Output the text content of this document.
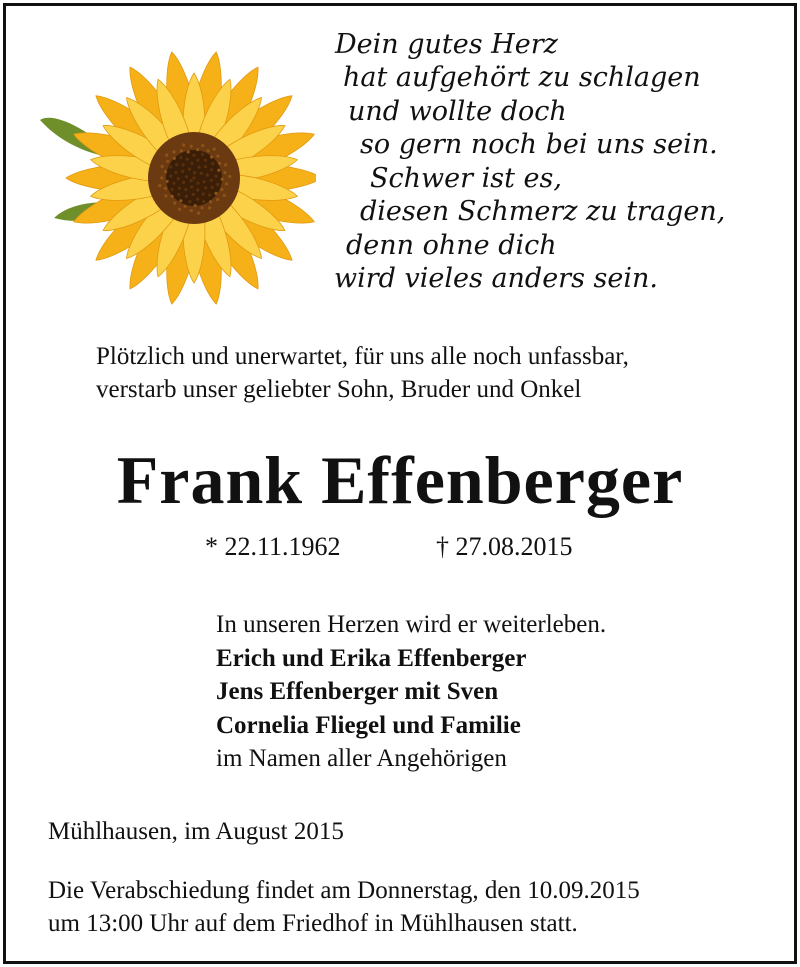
Dein gutes Herz
hat aufgehört zu schlagen
und wollte doch
so gern noch bei uns sein.
Schwer ist es,
diesen Schmerz zu tragen,
denn ohne dich
wird vieles anders sein.
Plötzlich und unerwartet, für uns alle noch unfassbar,
verstarb unser geliebter Sohn, Bruder und Onkel
Frank Effenberger
* 22.11.1962	† 27.08.2015
In unseren Herzen wird er weiterleben.
Erich und Erika Effenberger
Jens Effenberger mit Sven
Cornelia Fliegel und Familie
im Namen aller Angehörigen
Mühlhausen, im August 2015
Die Verabschiedung findet am Donnerstag, den 10.09.2015
um 13:00 Uhr auf dem Friedhof in Mühlhausen statt.
